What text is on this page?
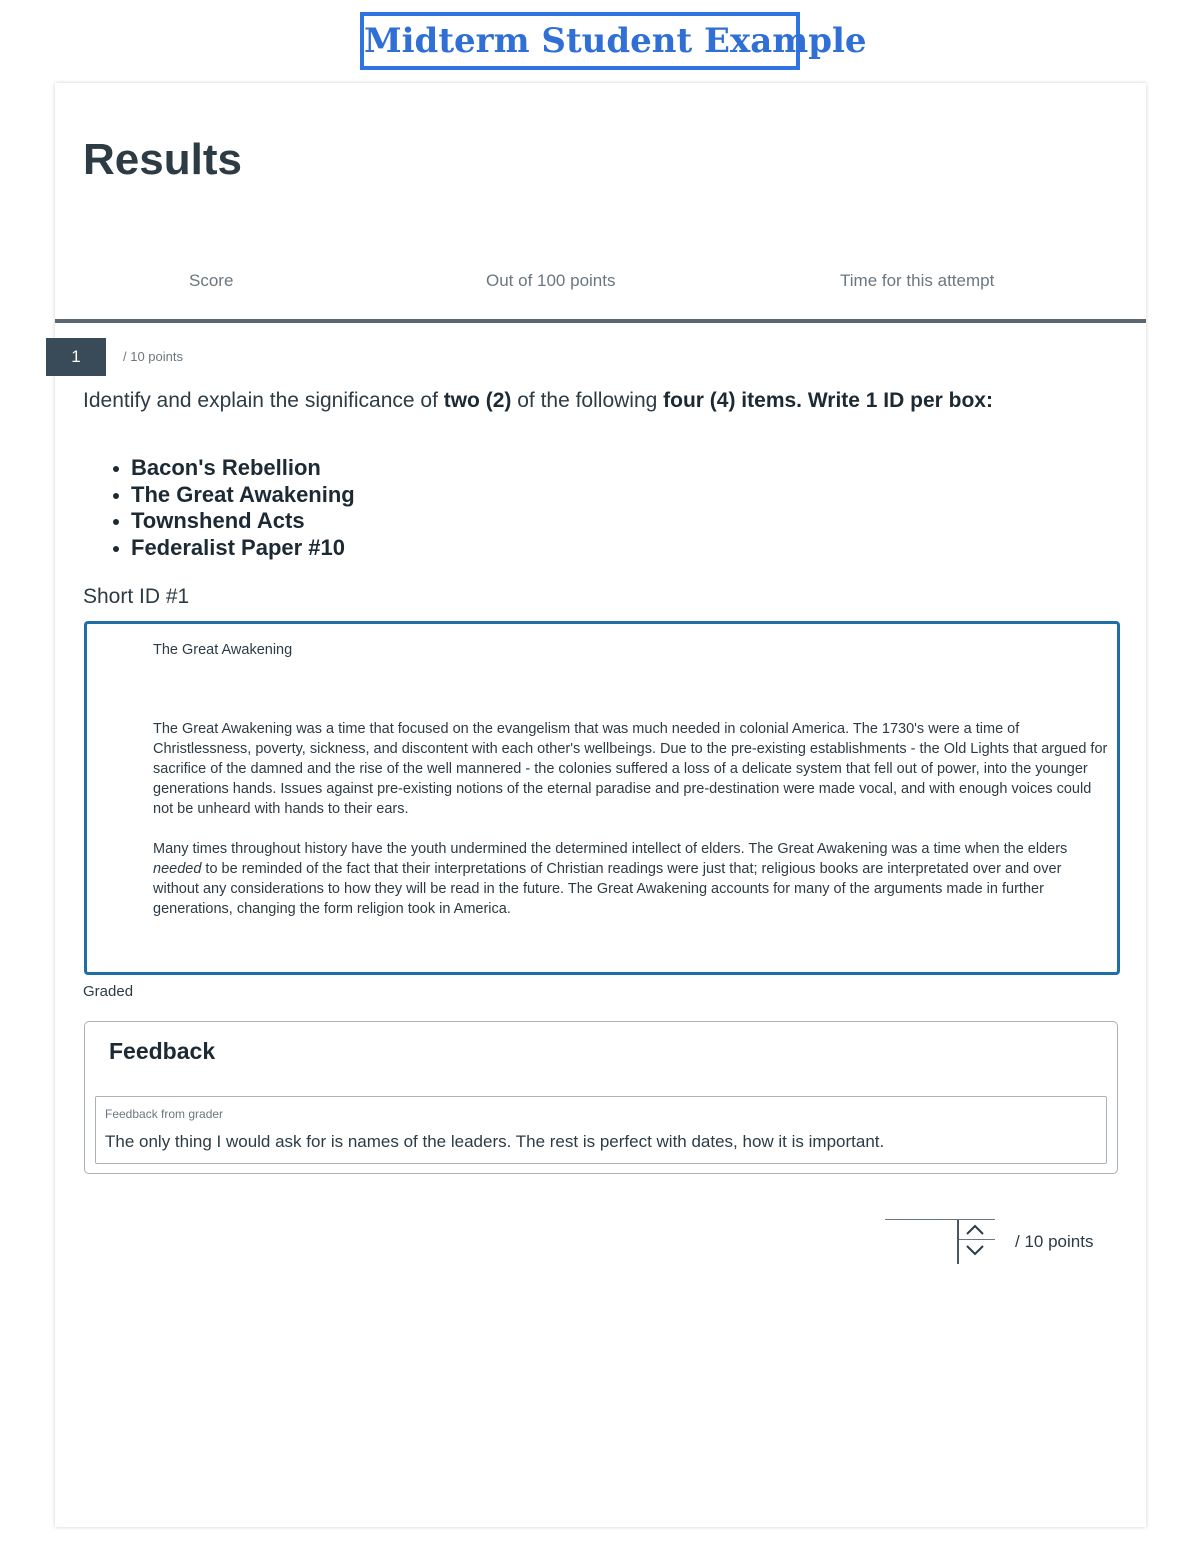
Midterm Student Example
Results
Score	Out of 100 points	Time for this attempt
1	/ 10 points
Identify and explain the significance of two (2) of the following four (4) items. Write 1 ID per box:
Bacon's Rebellion
The Great Awakening
Townshend Acts
Federalist Paper #10
Short ID #1

The Great Awakening

The Great Awakening was a time that focused on the evangelism that was much needed in colonial America. The 1730's were a time of Christlessness, poverty, sickness, and discontent with each other's wellbeings. Due to the pre-existing establishments - the Old Lights that argued for sacrifice of the damned and the rise of the well mannered - the colonies suffered a loss of a delicate system that fell out of power, into the younger generations hands. Issues against pre-existing notions of the eternal paradise and pre-destination were made vocal, and with enough voices could not be unheard with hands to their ears.

Many times throughout history have the youth undermined the determined intellect of elders. The Great Awakening was a time when the elders needed to be reminded of the fact that their interpretations of Christian readings were just that; religious books are interpretated over and over without any considerations to how they will be read in the future. The Great Awakening accounts for many of the arguments made in further generations, changing the form religion took in America.

Graded
Feedback
Feedback from grader
The only thing I would ask for is names of the leaders. The rest is perfect with dates, how it is important.
/ 10 points
